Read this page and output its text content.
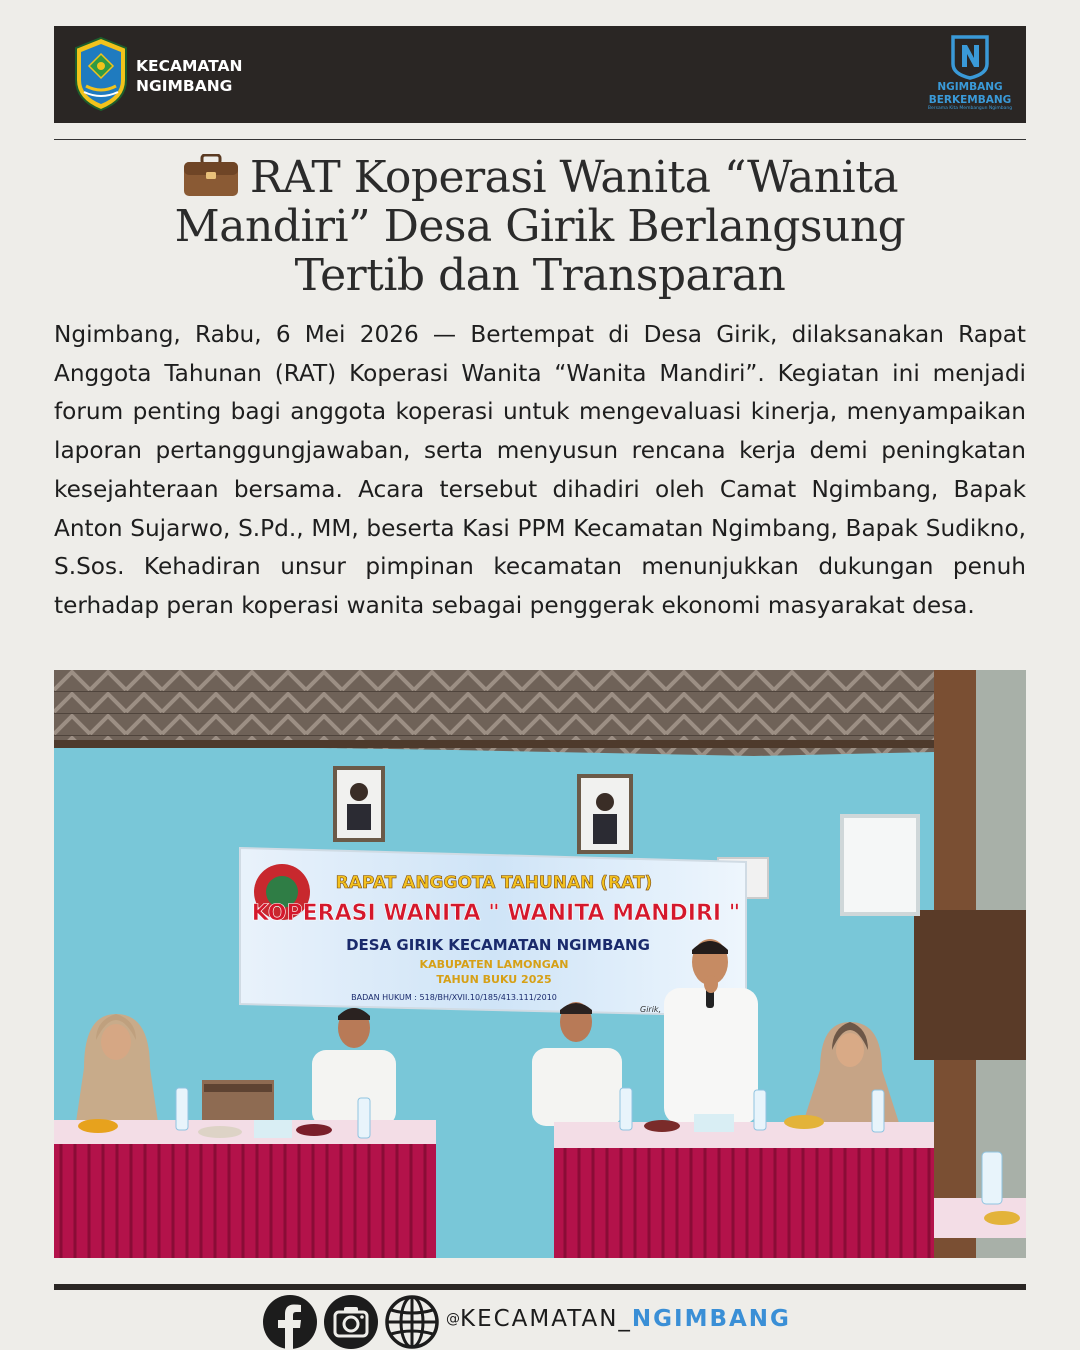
KECAMATAN
NGIMBANG	NGIMBANG
BERKEMBANG
Bersama Kita Membangun Ngimbang
RAT Koperasi Wanita “Wanita Mandiri” Desa Girik Berlangsung Tertib dan Transparan

Ngimbang, Rabu, 6 Mei 2026 — Bertempat di Desa Girik, dilaksanakan Rapat Anggota Tahunan (RAT) Koperasi Wanita “Wanita Mandiri”. Kegiatan ini menjadi forum penting bagi anggota koperasi untuk mengevaluasi kinerja, menyampaikan laporan pertanggungjawaban, serta menyusun rencana kerja demi peningkatan kesejahteraan bersama. Acara tersebut dihadiri oleh Camat Ngimbang, Bapak Anton Sujarwo, S.Pd., MM, beserta Kasi PPM Kecamatan Ngimbang, Bapak Sudikno, S.Sos. Kehadiran unsur pimpinan kecamatan menunjukkan dukungan penuh terhadap peran koperasi wanita sebagai penggerak ekonomi masyarakat desa.

RAPAT ANGGOTA TAHUNAN (RAT)
KOPERASI WANITA " WANITA MANDIRI "
DESA GIRIK KECAMATAN NGIMBANG
KABUPATEN LAMONGAN
TAHUN BUKU 2025
BADAN HUKUM : 518/BH/XVII.10/185/413.111/2010
Girik,
@KECAMATAN_NGIMBANG
